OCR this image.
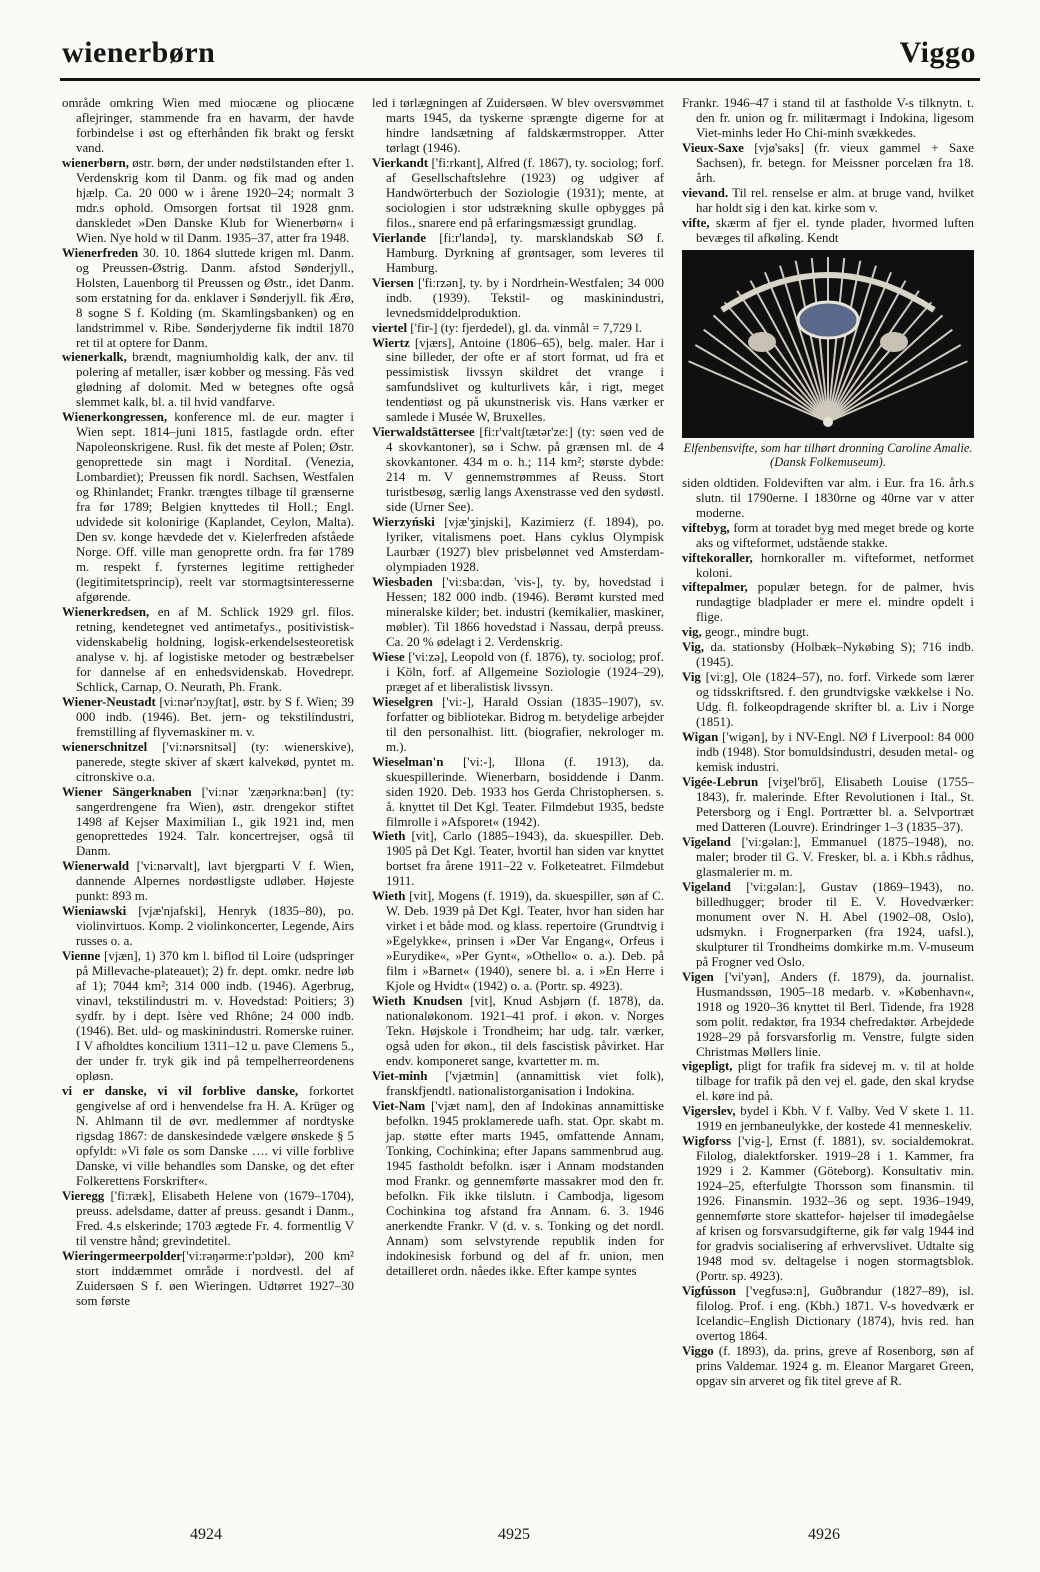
wienerbørn	Viggo

område omkring Wien med miocæne og pliocæne aflejringer, stammende fra en havarm, der havde forbindelse i øst og efterhånden fik brakt og ferskt vand.

wienerbørn, østr. børn, der under nødstilstanden efter 1. Verdenskrig kom til Danm. og fik mad og anden hjælp. Ca. 20 000 w i årene 1920–24; normalt 3 mdr.s ophold. Omsorgen fortsat til 1928 gnm. danskledet »Den Danske Klub for Wienerbørn« i Wien. Nye hold w til Danm. 1935–37, atter fra 1948.

Wienerfreden 30. 10. 1864 sluttede krigen ml. Danm. og Preussen-Østrig. Danm. afstod Sønderjyll., Holsten, Lauenborg til Preussen og Østr., idet Danm. som erstatning for da. enklaver i Sønderjyll. fik Ærø, 8 sogne S f. Kolding (m. Skamlingsbanken) og en landstrimmel v. Ribe. Sønderjyderne fik indtil 1870 ret til at optere for Danm.

wienerkalk, brændt, magniumholdig kalk, der anv. til polering af metaller, især kobber og messing. Fås ved glødning af dolomit. Med w betegnes ofte også slemmet kalk, bl. a. til hvid vandfarve.

Wienerkongressen, konference ml. de eur. magter i Wien sept. 1814–juni 1815, fastlagde ordn. efter Napoleonskrigene. Rusl. fik det meste af Polen; Østr. genoprettede sin magt i NorditaI. (Venezia, Lombardiet); Preussen fik nordl. Sachsen, Westfalen og Rhinlandet; Frankr. trængtes tilbage til grænserne fra før 1789; Belgien knyttedes til Holl.; Engl. udvidede sit kolonirige (Kaplandet, Ceylon, Malta). Den sv. konge hævdede det v. Kielerfreden afståede Norge. Off. ville man genoprette ordn. fra før 1789 m. respekt f. fyrsternes legitime rettigheder (legitimitetsprincip), reelt var stormagtsinteresserne afgørende.

Wienerkredsen, en af M. Schlick 1929 grl. filos. retning, kendetegnet ved antimetafys., positivistisk-videnskabelig holdning, logisk-erkendelsesteoretisk analyse v. hj. af logistiske metoder og bestræbelser for dannelse af en enhedsvidenskab. Hovedrepr. Schlick, Carnap, O. Neurath, Ph. Frank.

Wiener-Neustadt [vi:nər'nɔyʃtat], østr. by S f. Wien; 39 000 indb. (1946). Bet. jern- og tekstilindustri, fremstilling af flyvemaskiner m. v.

wienerschnitzel ['vi:nərsnitsəl] (ty: wienerskive), panerede, stegte skiver af skært kalvekød, pyntet m. citronskive o.a.

Wiener Sängerknaben ['vi:nər 'zæŋərkna:bən] (ty: sangerdrengene fra Wien), østr. drengekor stiftet 1498 af Kejser Maximilian I., gik 1921 ind, men genoprettedes 1924. Talr. koncertrejser, også til Danm.

Wienerwald ['vi:nərvalt], lavt bjergparti V f. Wien, dannende Alpernes nordøstligste udløber. Højeste punkt: 893 m.

Wieniawski [vjæ'njafski], Henryk (1835–80), po. violinvirtuos. Komp. 2 violinkoncerter, Legende, Airs russes o. a.

Vienne [vjæn], 1) 370 km l. biflod til Loire (udspringer på Millevache-plateauet); 2) fr. dept. omkr. nedre løb af 1); 7044 km²; 314 000 indb. (1946). Agerbrug, vinavl, tekstilindustri m. v. Hovedstad: Poitiers; 3) sydfr. by i dept. Isère ved Rhône; 24 000 indb. (1946). Bet. uld- og maskinindustri. Romerske ruiner. I V afholdtes koncilium 1311–12 u. pave Clemens 5., der under fr. tryk gik ind på tempelherreordenens opløsn.

vi er danske, vi vil forblive danske, forkortet gengivelse af ord i henvendelse fra H. A. Krüger og N. Ahlmann til de øvr. medlemmer af nordtyske rigsdag 1867: de danskesindede vælgere ønskede § 5 opfyldt: »Vi føle os som Danske …. vi ville forblive Danske, vi ville behandles som Danske, og det efter Folkerettens Forskrifter«.

Vieregg ['fi:ræk], Elisabeth Helene von (1679–1704), preuss. adelsdame, datter af preuss. gesandt i Danm., Fred. 4.s elskerinde; 1703 ægtede Fr. 4. formentlig V til venstre hånd; grevindetitel.

Wieringermeerpolder['vi:rəŋərme:r'pɔldər), 200 km² stort inddæmmet område i nordvestl. del af Zuidersøen S f. øen Wieringen. Udtørret 1927–30 som første

led i tørlægningen af Zuidersøen. W blev oversvømmet marts 1945, da tyskerne sprængte digerne for at hindre landsætning af faldskærmstropper. Atter tørlagt (1946).

Vierkandt ['fi:rkant], Alfred (f. 1867), ty. sociolog; forf. af Gesellschaftslehre (1923) og udgiver af Handwörterbuch der Soziologie (1931); mente, at sociologien i stor udstrækning skulle opbygges på filos., snarere end på erfaringsmæssigt grundlag.

Vierlande [fi:r'landə], ty. marsklandskab SØ f. Hamburg. Dyrkning af grøntsager, som leveres til Hamburg.

Viersen ['fi:rzən], ty. by i Nordrhein-Westfalen; 34 000 indb. (1939). Tekstil- og maskinindustri, levnedsmiddelproduktion.

viertel ['fir-] (ty: fjerdedel), gl. da. vinmål = 7,729 l.

Wiertz [vjærs], Antoine (1806–65), belg. maler. Har i sine billeder, der ofte er af stort format, ud fra et pessimistisk livssyn skildret det vrange i samfundslivet og kulturlivets kår, i rigt, meget tendentiøst og på ukunstnerisk vis. Hans værker er samlede i Musée W, Bruxelles.

Vierwaldstättersee [fi:r'valtʃtætər'ze:] (ty: søen ved de 4 skovkantoner), sø i Schw. på grænsen ml. de 4 skovkantoner. 434 m o. h.; 114 km²; største dybde: 214 m. V gennemstrømmes af Reuss. Stort turistbesøg, særlig langs Axenstrasse ved den sydøstl. side (Urner See).

Wierzyński [vjæ'ʒinjski], Kazimierz (f. 1894), po. lyriker, vitalismens poet. Hans cyklus Olympisk Laurbær (1927) blev prisbelønnet ved Amsterdam-olympiaden 1928.

Wiesbaden ['vi:sba:dən, 'vis-], ty. by, hovedstad i Hessen; 182 000 indb. (1946). Berømt kursted med mineralske kilder; bet. industri (kemikalier, maskiner, møbler). Til 1866 hovedstad i Nassau, derpå preuss. Ca. 20 % ødelagt i 2. Verdenskrig.

Wiese ['vi:zə], Leopold von (f. 1876), ty. sociolog; prof. i Köln, forf. af Allgemeine Soziologie (1924–29), præget af et liberalistisk livssyn.

Wieselgren ['vi:-], Harald Ossian (1835–1907), sv. forfatter og bibliotekar. Bidrog m. betydelige arbejder til den personalhist. litt. (biografier, nekrologer m. m.).

Wieselman'n ['vi:-], Illona (f. 1913), da. skuespillerinde. Wienerbarn, bosiddende i Danm. siden 1920. Deb. 1933 hos Gerda Christophersen. s. å. knyttet til Det Kgl. Teater. Filmdebut 1935, bedste filmrolle i »Afsporet« (1942).

Wieth [vit], Carlo (1885–1943), da. skuespiller. Deb. 1905 på Det Kgl. Teater, hvortil han siden var knyttet bortset fra årene 1911–22 v. Folketeatret. Filmdebut 1911.

Wieth [vit], Mogens (f. 1919), da. skuespiller, søn af C. W. Deb. 1939 på Det Kgl. Teater, hvor han siden har virket i et både mod. og klass. repertoire (Grundtvig i »Egelykke«, prinsen i »Der Var Engang«, Orfeus i »Eurydike«, »Per Gynt«, »Othello« o. a.). Deb. på film i »Barnet« (1940), senere bl. a. i »En Herre i Kjole og Hvidt« (1942) o. a. (Portr. sp. 4923).

Wieth Knudsen [vit], Knud Asbjørn (f. 1878), da. nationaløkonom. 1921–41 prof. i økon. v. Norges Tekn. Højskole i Trondheim; har udg. talr. værker, også uden for økon., til dels fascistisk påvirket. Har endv. komponeret sange, kvartetter m. m.

Viet-minh ['vjætmin] (annamittisk viet folk), franskfjendtl. nationalistorganisation i Indokina.

Viet-Nam ['vjæt nam], den af Indokinas annamittiske befolkn. 1945 proklamerede uafh. stat. Opr. skabt m. jap. støtte efter marts 1945, omfattende Annam, Tonking, Cochinkina; efter Japans sammenbrud aug. 1945 fastholdt befolkn. især i Annam modstanden mod Frankr. og gennemførte massakrer mod den fr. befolkn. Fik ikke tilslutn. i Cambodja, ligesom Cochinkina tog afstand fra Annam. 6. 3. 1946 anerkendte Frankr. V (d. v. s. Tonking og det nordl. Annam) som selvstyrende republik inden for indokinesisk forbund og del af fr. union, men detailleret ordn. nåedes ikke. Efter kampe syntes

Frankr. 1946–47 i stand til at fastholde V-s tilknytn. t. den fr. union og fr. militærmagt i Indokina, ligesom Viet-minhs leder Ho Chi-minh svækkedes.

Vieux-Saxe [vjø'saks] (fr. vieux gammel + Saxe Sachsen), fr. betegn. for Meissner porcelæn fra 18. årh.

vievand. Til rel. renselse er alm. at bruge vand, hvilket har holdt sig i den kat. kirke som v.

vifte, skærm af fjer el. tynde plader, hvormed luften bevæges til afkøling. Kendt

Elfenbensvifte, som har tilhørt dronning Caroline Amalie. (Dansk Folkemuseum).

siden oldtiden. Foldeviften var alm. i Eur. fra 16. årh.s slutn. til 1790erne. I 1830rne og 40rne var v atter moderne.

viftebyg, form at toradet byg med meget brede og korte aks og vifteformet, udstående stakke.

viftekoraller, hornkoraller m. vifteformet, netformet koloni.

viftepalmer, populær betegn. for de palmer, hvis rundagtige bladplader er mere el. mindre opdelt i flige.

vig, geogr., mindre bugt.

Vig, da. stationsby (Holbæk–Nykøbing S); 716 indb. (1945).

Vig [vi:g], Ole (1824–57), no. forf. Virkede som lærer og tidsskriftsred. f. den grundtvigske vækkelse i No. Udg. fl. folkeopdragende skrifter bl. a. Liv i Norge (1851).

Wigan ['wigən], by i NV-Engl. NØ f Liverpool: 84 000 indb (1948). Stor bomuldsindustri, desuden metal- og kemisk industri.

Vigée-Lebrun [viʒel'brő], Elisabeth Louise (1755–1843), fr. malerinde. Efter Revolutionen i Ital., St. Petersborg og i Engl. Portrætter bl. a. Selvportræt med Datteren (Louvre). Erindringer 1–3 (1835–37).

Vigeland ['vi:gəlan:], Emmanuel (1875–1948), no. maler; broder til G. V. Fresker, bl. a. i Kbh.s rådhus, glasmalerier m. m.

Vigeland ['vi:gəlan:], Gustav (1869–1943), no. billedhugger; broder til E. V. Hovedværker: monument over N. H. Abel (1902–08, Oslo), udsmykn. i Frognerparken (fra 1924, uafsl.), skulpturer til Trondheims domkirke m.m. V-museum på Frogner ved Oslo.

Vigen ['vi'yən], Anders (f. 1879), da. journalist. Husmandssøn, 1905–18 medarb. v. »København«, 1918 og 1920–36 knyttet til Berl. Tidende, fra 1928 som polit. redaktør, fra 1934 chefredaktør. Arbejdede 1928–29 på forsvarsforlig m. Venstre, fulgte siden Christmas Møllers linie.

vigepligt, pligt for trafik fra sidevej m. v. til at holde tilbage for trafik på den vej el. gade, den skal krydse el. køre ind på.

Vigerslev, bydel i Kbh. V f. Valby. Ved V skete 1. 11. 1919 en jernbaneulykke, der kostede 41 menneskeliv.

Wigforss ['vig-], Ernst (f. 1881), sv. socialdemokrat. Filolog, dialektforsker. 1919–28 i 1. Kammer, fra 1929 i 2. Kammer (Göteborg). Konsultativ min. 1924–25, efterfulgte Thorsson som finansmin. til 1926. Finansmin. 1932–36 og sept. 1936–1949, gennemførte store skattefor- højelser til imødegåelse af krisen og forsvarsudgifterne, gik før valg 1944 ind for gradvis socialisering af erhvervslivet. Udtalte sig 1948 mod sv. deltagelse i nogen stormagtsblok. (Portr. sp. 4923).

Vigfússon ['vegfusə:n], Guðbrandur (1827–89), isl. filolog. Prof. i eng. (Kbh.) 1871. V-s hovedværk er Icelandic–English Dictionary (1874), hvis red. han overtog 1864.

Viggo (f. 1893), da. prins, greve af Rosenborg, søn af prins Valdemar. 1924 g. m. Eleanor Margaret Green, opgav sin arveret og fik titel greve af R.

4924	4925	4926
